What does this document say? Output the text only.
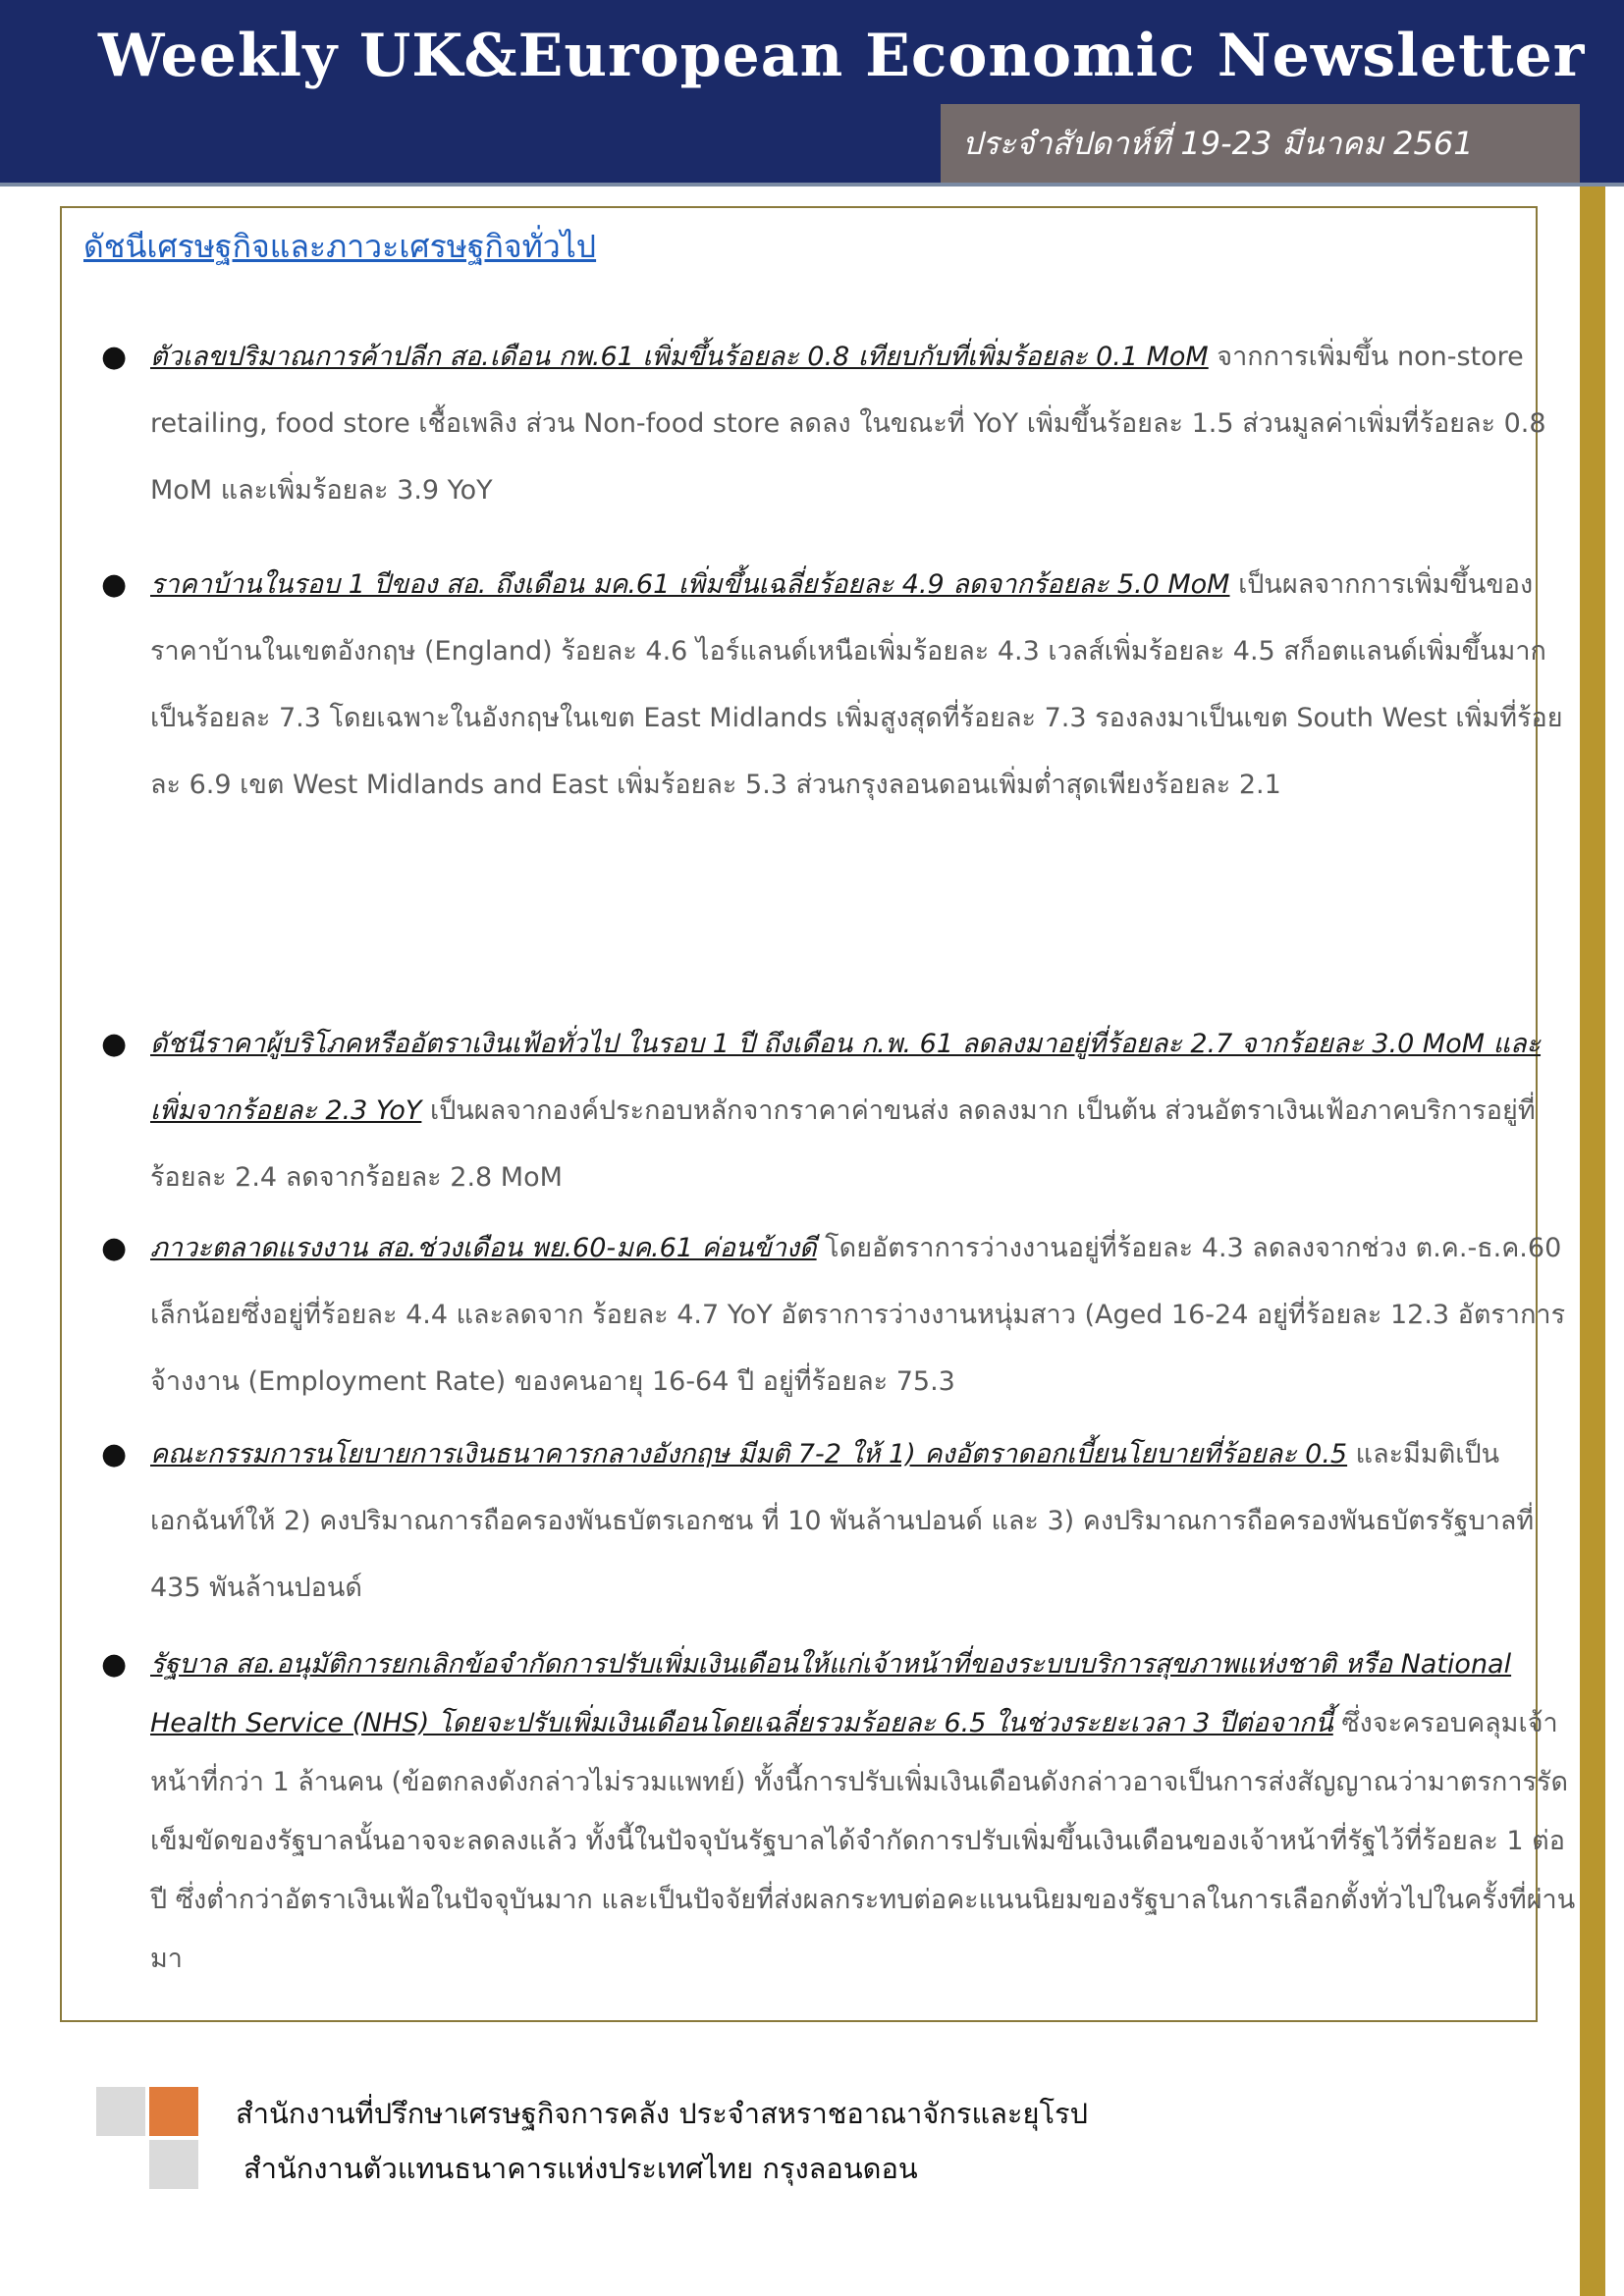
Weekly UK&European Economic Newsletter
ประจำสัปดาห์ที่ 19-23 มีนาคม 2561
ดัชนีเศรษฐกิจและภาวะเศรษฐกิจทั่วไป
● ตัวเลขปริมาณการค้าปลีก สอ.เดือน กพ.61 เพิ่มขึ้นร้อยละ 0.8 เทียบกับที่เพิ่มร้อยละ 0.1 MoM จากการเพิ่มขึ้น non-store retailing, food store เชื้อเพลิง ส่วน Non-food store ลดลง ในขณะที่ YoY เพิ่มขึ้นร้อยละ 1.5 ส่วนมูลค่าเพิ่มที่ร้อยละ 0.8 MoM และเพิ่มร้อยละ 3.9 YoY
● ราคาบ้านในรอบ 1 ปีของ สอ. ถึงเดือน มค.61 เพิ่มขึ้นเฉลี่ยร้อยละ 4.9 ลดจากร้อยละ 5.0 MoM เป็นผลจากการเพิ่มขึ้นของราคาบ้านในเขตอังกฤษ (England) ร้อยละ 4.6 ไอร์แลนด์เหนือเพิ่มร้อยละ 4.3 เวลส์เพิ่มร้อยละ 4.5 สก็อตแลนด์เพิ่มขึ้นมากเป็นร้อยละ 7.3 โดยเฉพาะในอังกฤษในเขต East Midlands เพิ่มสูงสุดที่ร้อยละ 7.3 รองลงมาเป็นเขต South West เพิ่มที่ร้อยละ 6.9 เขต West Midlands and East เพิ่มร้อยละ 5.3 ส่วนกรุงลอนดอนเพิ่มต่ำสุดเพียงร้อยละ 2.1
● ดัชนีราคาผู้บริโภคหรืออัตราเงินเฟ้อทั่วไป ในรอบ 1 ปี ถึงเดือน ก.พ. 61 ลดลงมาอยู่ที่ร้อยละ 2.7 จากร้อยละ 3.0 MoM และเพิ่มจากร้อยละ 2.3 YoY เป็นผลจากองค์ประกอบหลักจากราคาค่าขนส่ง ลดลงมาก เป็นต้น ส่วนอัตราเงินเฟ้อภาคบริการอยู่ที่ร้อยละ 2.4 ลดจากร้อยละ 2.8 MoM
● ภาวะตลาดแรงงาน สอ.ช่วงเดือน พย.60-มค.61 ค่อนข้างดี โดยอัตราการว่างงานอยู่ที่ร้อยละ 4.3 ลดลงจากช่วง ต.ค.-ธ.ค.60 เล็กน้อยซึ่งอยู่ที่ร้อยละ 4.4 และลดจาก ร้อยละ 4.7 YoY อัตราการว่างงานหนุ่มสาว (Aged 16-24 อยู่ที่ร้อยละ 12.3 อัตราการจ้างงาน (Employment Rate) ของคนอายุ 16-64 ปี อยู่ที่ร้อยละ 75.3
● คณะกรรมการนโยบายการเงินธนาคารกลางอังกฤษ มีมติ 7-2 ให้ 1) คงอัตราดอกเบี้ยนโยบายที่ร้อยละ 0.5 และมีมติเป็นเอกฉันท์ให้ 2) คงปริมาณการถือครองพันธบัตรเอกชน ที่ 10 พันล้านปอนด์ และ 3) คงปริมาณการถือครองพันธบัตรรัฐบาลที่ 435 พันล้านปอนด์
● รัฐบาล สอ.อนุมัติการยกเลิกข้อจำกัดการปรับเพิ่มเงินเดือนให้แก่เจ้าหน้าที่ของระบบบริการสุขภาพแห่งชาติ หรือ National Health Service (NHS) โดยจะปรับเพิ่มเงินเดือนโดยเฉลี่ยรวมร้อยละ 6.5 ในช่วงระยะเวลา 3 ปีต่อจากนี้ ซึ่งจะครอบคลุมเจ้าหน้าที่กว่า 1 ล้านคน (ข้อตกลงดังกล่าวไม่รวมแพทย์) ทั้งนี้การปรับเพิ่มเงินเดือนดังกล่าวอาจเป็นการส่งสัญญาณว่ามาตรการรัดเข็มขัดของรัฐบาลนั้นอาจจะลดลงแล้ว ทั้งนี้ในปัจจุบันรัฐบาลได้จำกัดการปรับเพิ่มขึ้นเงินเดือนของเจ้าหน้าที่รัฐไว้ที่ร้อยละ 1 ต่อปี ซึ่งต่ำกว่าอัตราเงินเฟ้อในปัจจุบันมาก และเป็นปัจจัยที่ส่งผลกระทบต่อคะแนนนิยมของรัฐบาลในการเลือกตั้งทั่วไปในครั้งที่ผ่านมา
สำนักงานที่ปรึกษาเศรษฐกิจการคลัง ประจำสหราชอาณาจักรและยุโรป
สำนักงานตัวแทนธนาคารแห่งประเทศไทย กรุงลอนดอน
